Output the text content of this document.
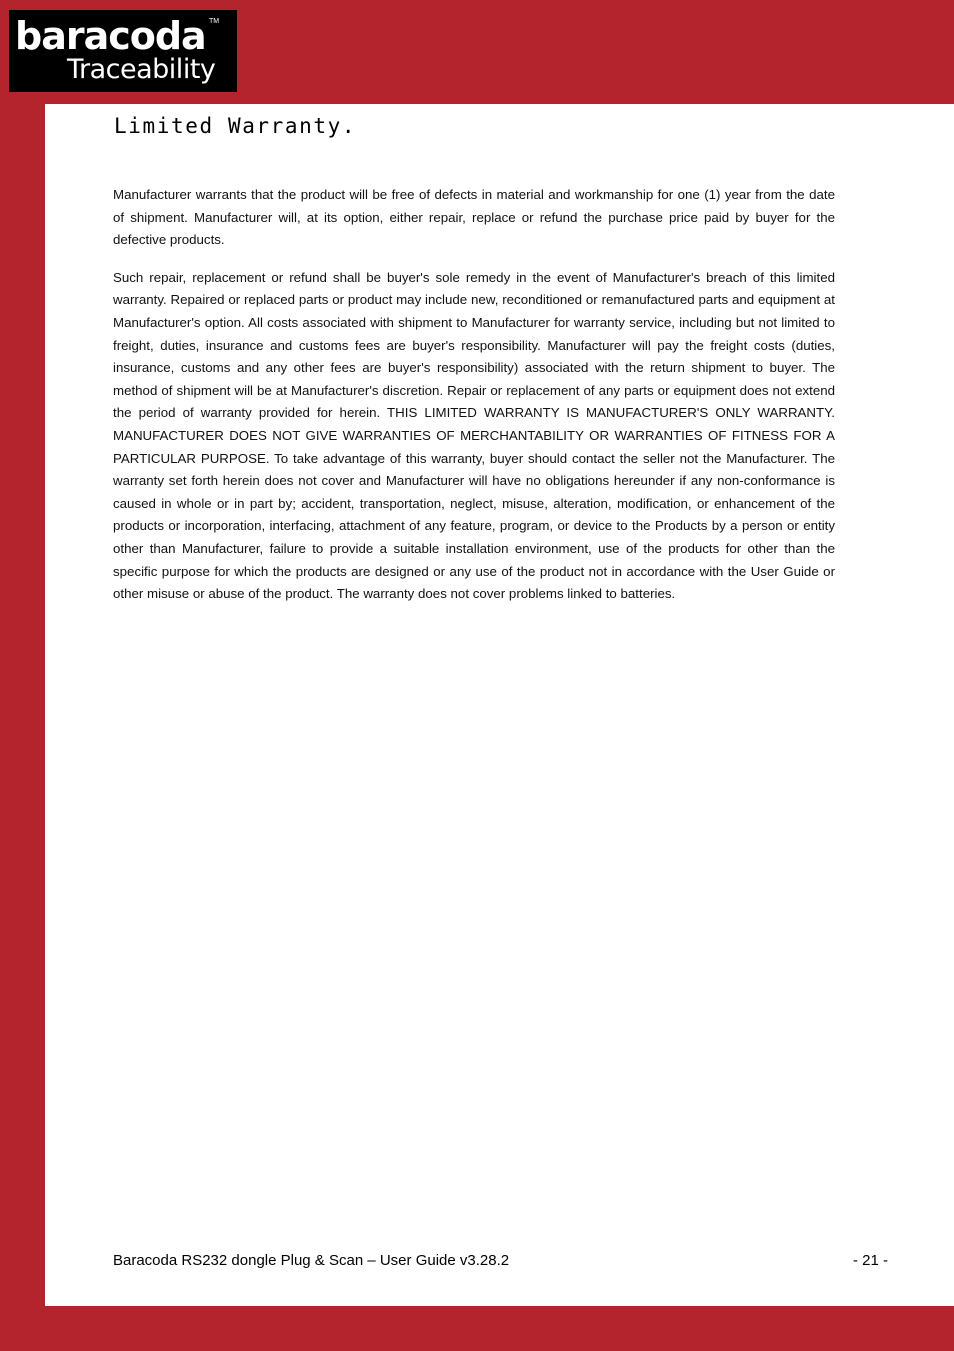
baracoda TM
Traceability
Limited Warranty.

Manufacturer warrants that the product will be free of defects in material and workmanship for one (1) year from the date of shipment. Manufacturer will, at its option, either repair, replace or refund the purchase price paid by buyer for the defective products.

Such repair, replacement or refund shall be buyer's sole remedy in the event of Manufacturer's breach of this limited warranty. Repaired or replaced parts or product may include new, reconditioned or remanufactured parts and equipment at Manufacturer's option. All costs associated with shipment to Manufacturer for warranty service, including but not limited to freight, duties, insurance and customs fees are buyer's responsibility. Manufacturer will pay the freight costs (duties, insurance, customs and any other fees are buyer's responsibility) associated with the return shipment to buyer. The method of shipment will be at Manufacturer's discretion. Repair or replacement of any parts or equipment does not extend the period of warranty provided for herein. THIS LIMITED WARRANTY IS MANUFACTURER'S ONLY WARRANTY. MANUFACTURER DOES NOT GIVE WARRANTIES OF MERCHANTABILITY OR WARRANTIES OF FITNESS FOR A PARTICULAR PURPOSE. To take advantage of this warranty, buyer should contact the seller not the Manufacturer. The warranty set forth herein does not cover and Manufacturer will have no obligations hereunder if any non-conformance is caused in whole or in part by; accident, transportation, neglect, misuse, alteration, modification, or enhancement of the products or incorporation, interfacing, attachment of any feature, program, or device to the Products by a person or entity other than Manufacturer, failure to provide a suitable installation environment, use of the products for other than the specific purpose for which the products are designed or any use of the product not in accordance with the User Guide or other misuse or abuse of the product. The warranty does not cover problems linked to batteries.

Baracoda RS232 dongle Plug & Scan – User Guide v3.28.2	- 21 -
